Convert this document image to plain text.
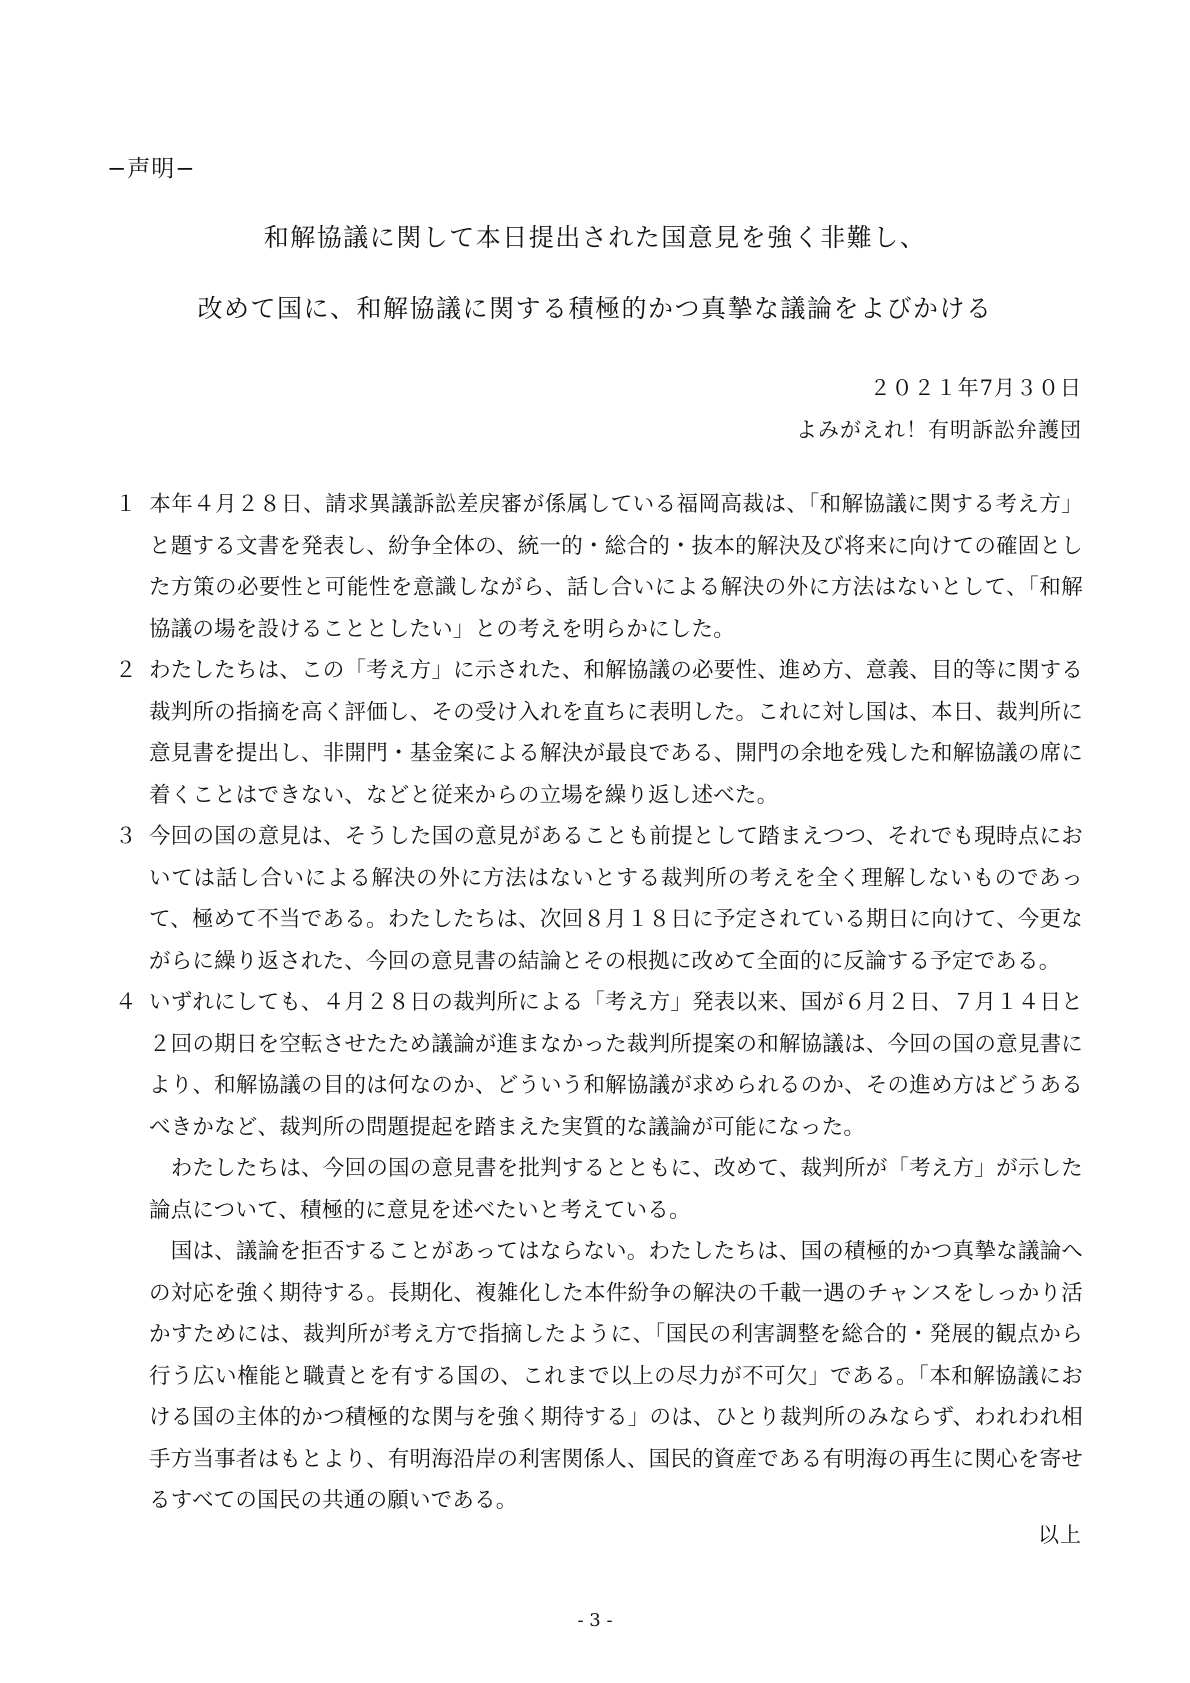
−声明−
和解協議に関して本日提出された国意見を強く非難し、
改めて国に、和解協議に関する積極的かつ真摯な議論をよびかける
２０２１年7月３０日
よみがえれ！有明訴訟弁護団

１ 本年４月２８日、請求異議訴訟差戻審が係属している福岡高裁は、「和解協議に関する考え方」と題する文書を発表し、紛争全体の、統一的・総合的・抜本的解決及び将来に向けての確固とした方策の必要性と可能性を意識しながら、話し合いによる解決の外に方法はないとして、「和解協議の場を設けることとしたい」との考えを明らかにした。

２ わたしたちは、この「考え方」に示された、和解協議の必要性、進め方、意義、目的等に関する裁判所の指摘を高く評価し、その受け入れを直ちに表明した。これに対し国は、本日、裁判所に意見書を提出し、非開門・基金案による解決が最良である、開門の余地を残した和解協議の席に着くことはできない、などと従来からの立場を繰り返し述べた。

３ 今回の国の意見は、そうした国の意見があることも前提として踏まえつつ、それでも現時点においては話し合いによる解決の外に方法はないとする裁判所の考えを全く理解しないものであって、極めて不当である。わたしたちは、次回８月１８日に予定されている期日に向けて、今更ながらに繰り返された、今回の意見書の結論とその根拠に改めて全面的に反論する予定である。

４ いずれにしても、４月２８日の裁判所による「考え方」発表以来、国が６月２日、７月１４日と２回の期日を空転させたため議論が進まなかった裁判所提案の和解協議は、今回の国の意見書により、和解協議の目的は何なのか、どういう和解協議が求められるのか、その進め方はどうあるべきかなど、裁判所の問題提起を踏まえた実質的な議論が可能になった。

　わたしたちは、今回の国の意見書を批判するとともに、改めて、裁判所が「考え方」が示した論点について、積極的に意見を述べたいと考えている。

　国は、議論を拒否することがあってはならない。わたしたちは、国の積極的かつ真摯な議論への対応を強く期待する。長期化、複雑化した本件紛争の解決の千載一遇のチャンスをしっかり活かすためには、裁判所が考え方で指摘したように、「国民の利害調整を総合的・発展的観点から行う広い権能と職責とを有する国の、これまで以上の尽力が不可欠」である。「本和解協議における国の主体的かつ積極的な関与を強く期待する」のは、ひとり裁判所のみならず、われわれ相手方当事者はもとより、有明海沿岸の利害関係人、国民的資産である有明海の再生に関心を寄せるすべての国民の共通の願いである。

以上
- 3 -
